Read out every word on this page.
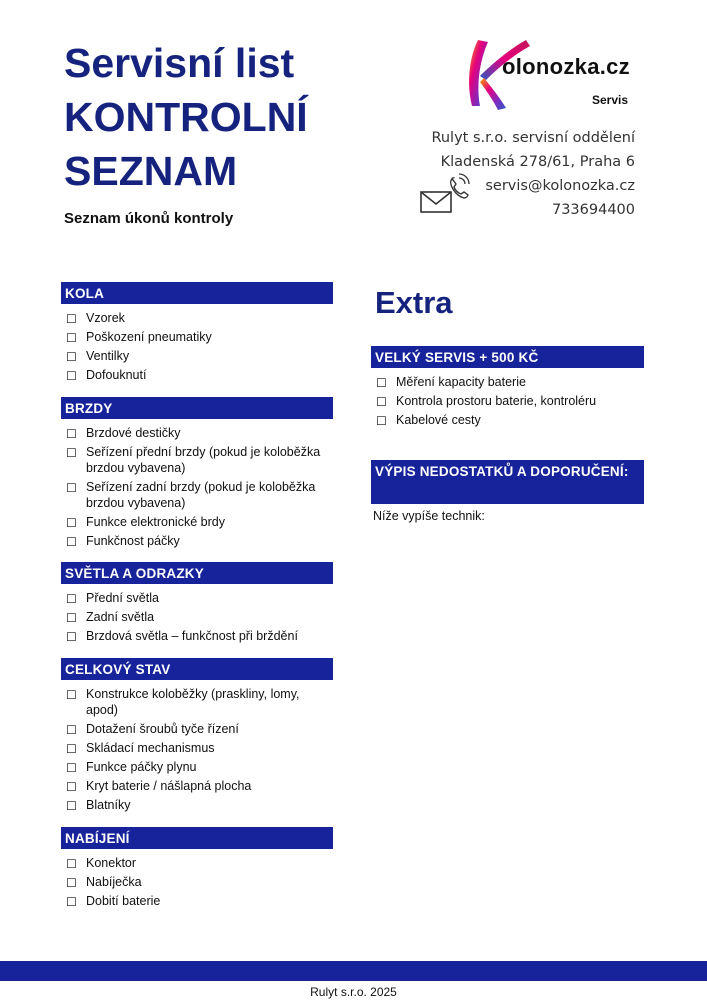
Servisní list
KONTROLNÍ
SEZNAM
Seznam úkonů kontroly
olonozka.cz
Servis
Rulyt s.r.o. servisní oddělení
Kladenská 278/61, Praha 6
servis@kolonozka.cz
733694400
KOLA
☐ Vzorek
☐ Poškození pneumatiky
☐ Ventilky
☐ Dofouknutí
BRZDY
☐ Brzdové destičky
☐ Seřízení přední brzdy (pokud je koloběžka brzdou vybavena)
☐ Seřízení zadní brzdy (pokud je koloběžka brzdou vybavena)
☐ Funkce elektronické brdy
☐ Funkčnost páčky
SVĚTLA A ODRAZKY
☐ Přední světla
☐ Zadní světla
☐ Brzdová světla – funkčnost při brždění
CELKOVÝ STAV
☐ Konstrukce koloběžky (praskliny, lomy, apod)
☐ Dotažení šroubů tyče řízení
☐ Skládací mechanismus
☐ Funkce páčky plynu
☐ Kryt baterie / nášlapná plocha
☐ Blatníky
NABÍJENÍ
☐ Konektor
☐ Nabíječka
☐ Dobití baterie
Extra
VELKÝ SERVIS + 500 KČ
☐ Měření kapacity baterie
☐ Kontrola prostoru baterie, kontroléru
☐ Kabelové cesty
VÝPIS NEDOSTATKŮ A DOPORUČENÍ:

Níže vypíše technik:

Rulyt s.r.o. 2025
